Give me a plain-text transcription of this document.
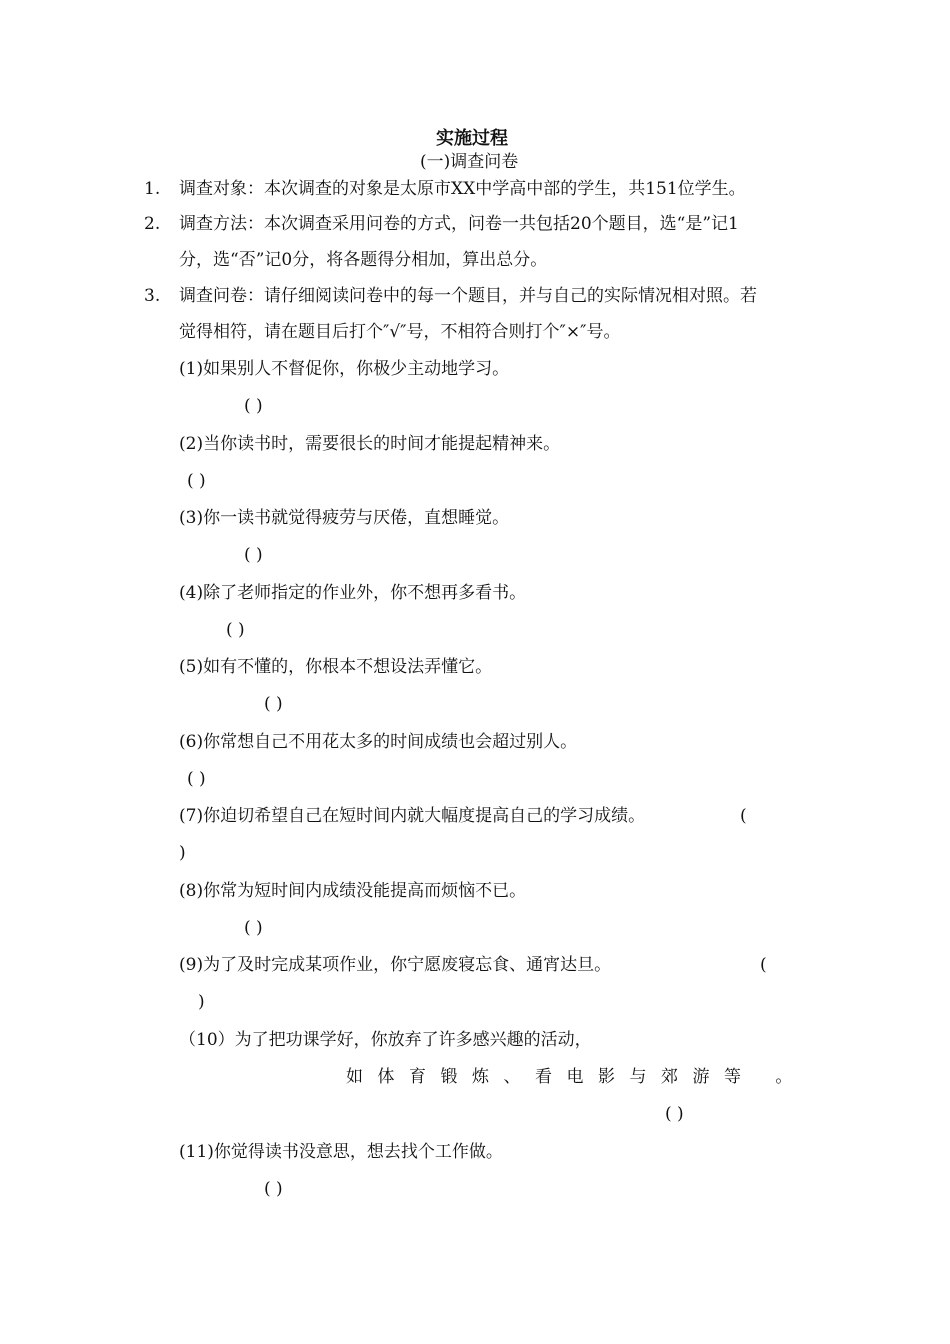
实施过程
(一)调查问卷
1. 调查对象：本次调查的对象是太原市XX中学高中部的学生，共151位学生。
2. 调查方法：本次调查采用问卷的方式，问卷一共包括20个题目，选“是”记1
分，选“否”记0分，将各题得分相加，算出总分。
3. 调查问卷：请仔细阅读问卷中的每一个题目，并与自己的实际情况相对照。若
觉得相符，请在题目后打个″√″号，不相符合则打个″×″号。
(1)如果别人不督促你，你极少主动地学习。
( )
(2)当你读书时，需要很长的时间才能提起精神来。
( )
(3)你一读书就觉得疲劳与厌倦，直想睡觉。
( )
(4)除了老师指定的作业外，你不想再多看书。
( )
(5)如有不懂的，你根本不想设法弄懂它。
( )
(6)你常想自己不用花太多的时间成绩也会超过别人。
( )
(7)你迫切希望自己在短时间内就大幅度提高自己的学习成绩。	(
)
(8)你常为短时间内成绩没能提高而烦恼不已。
( )
(9)为了及时完成某项作业，你宁愿废寝忘食、通宵达旦。	(
)
（10）为了把功课学好，你放弃了许多感兴趣的活动，
如体育锻炼、看电影与郊游等 。
( )
(11)你觉得读书没意思，想去找个工作做。
( )
